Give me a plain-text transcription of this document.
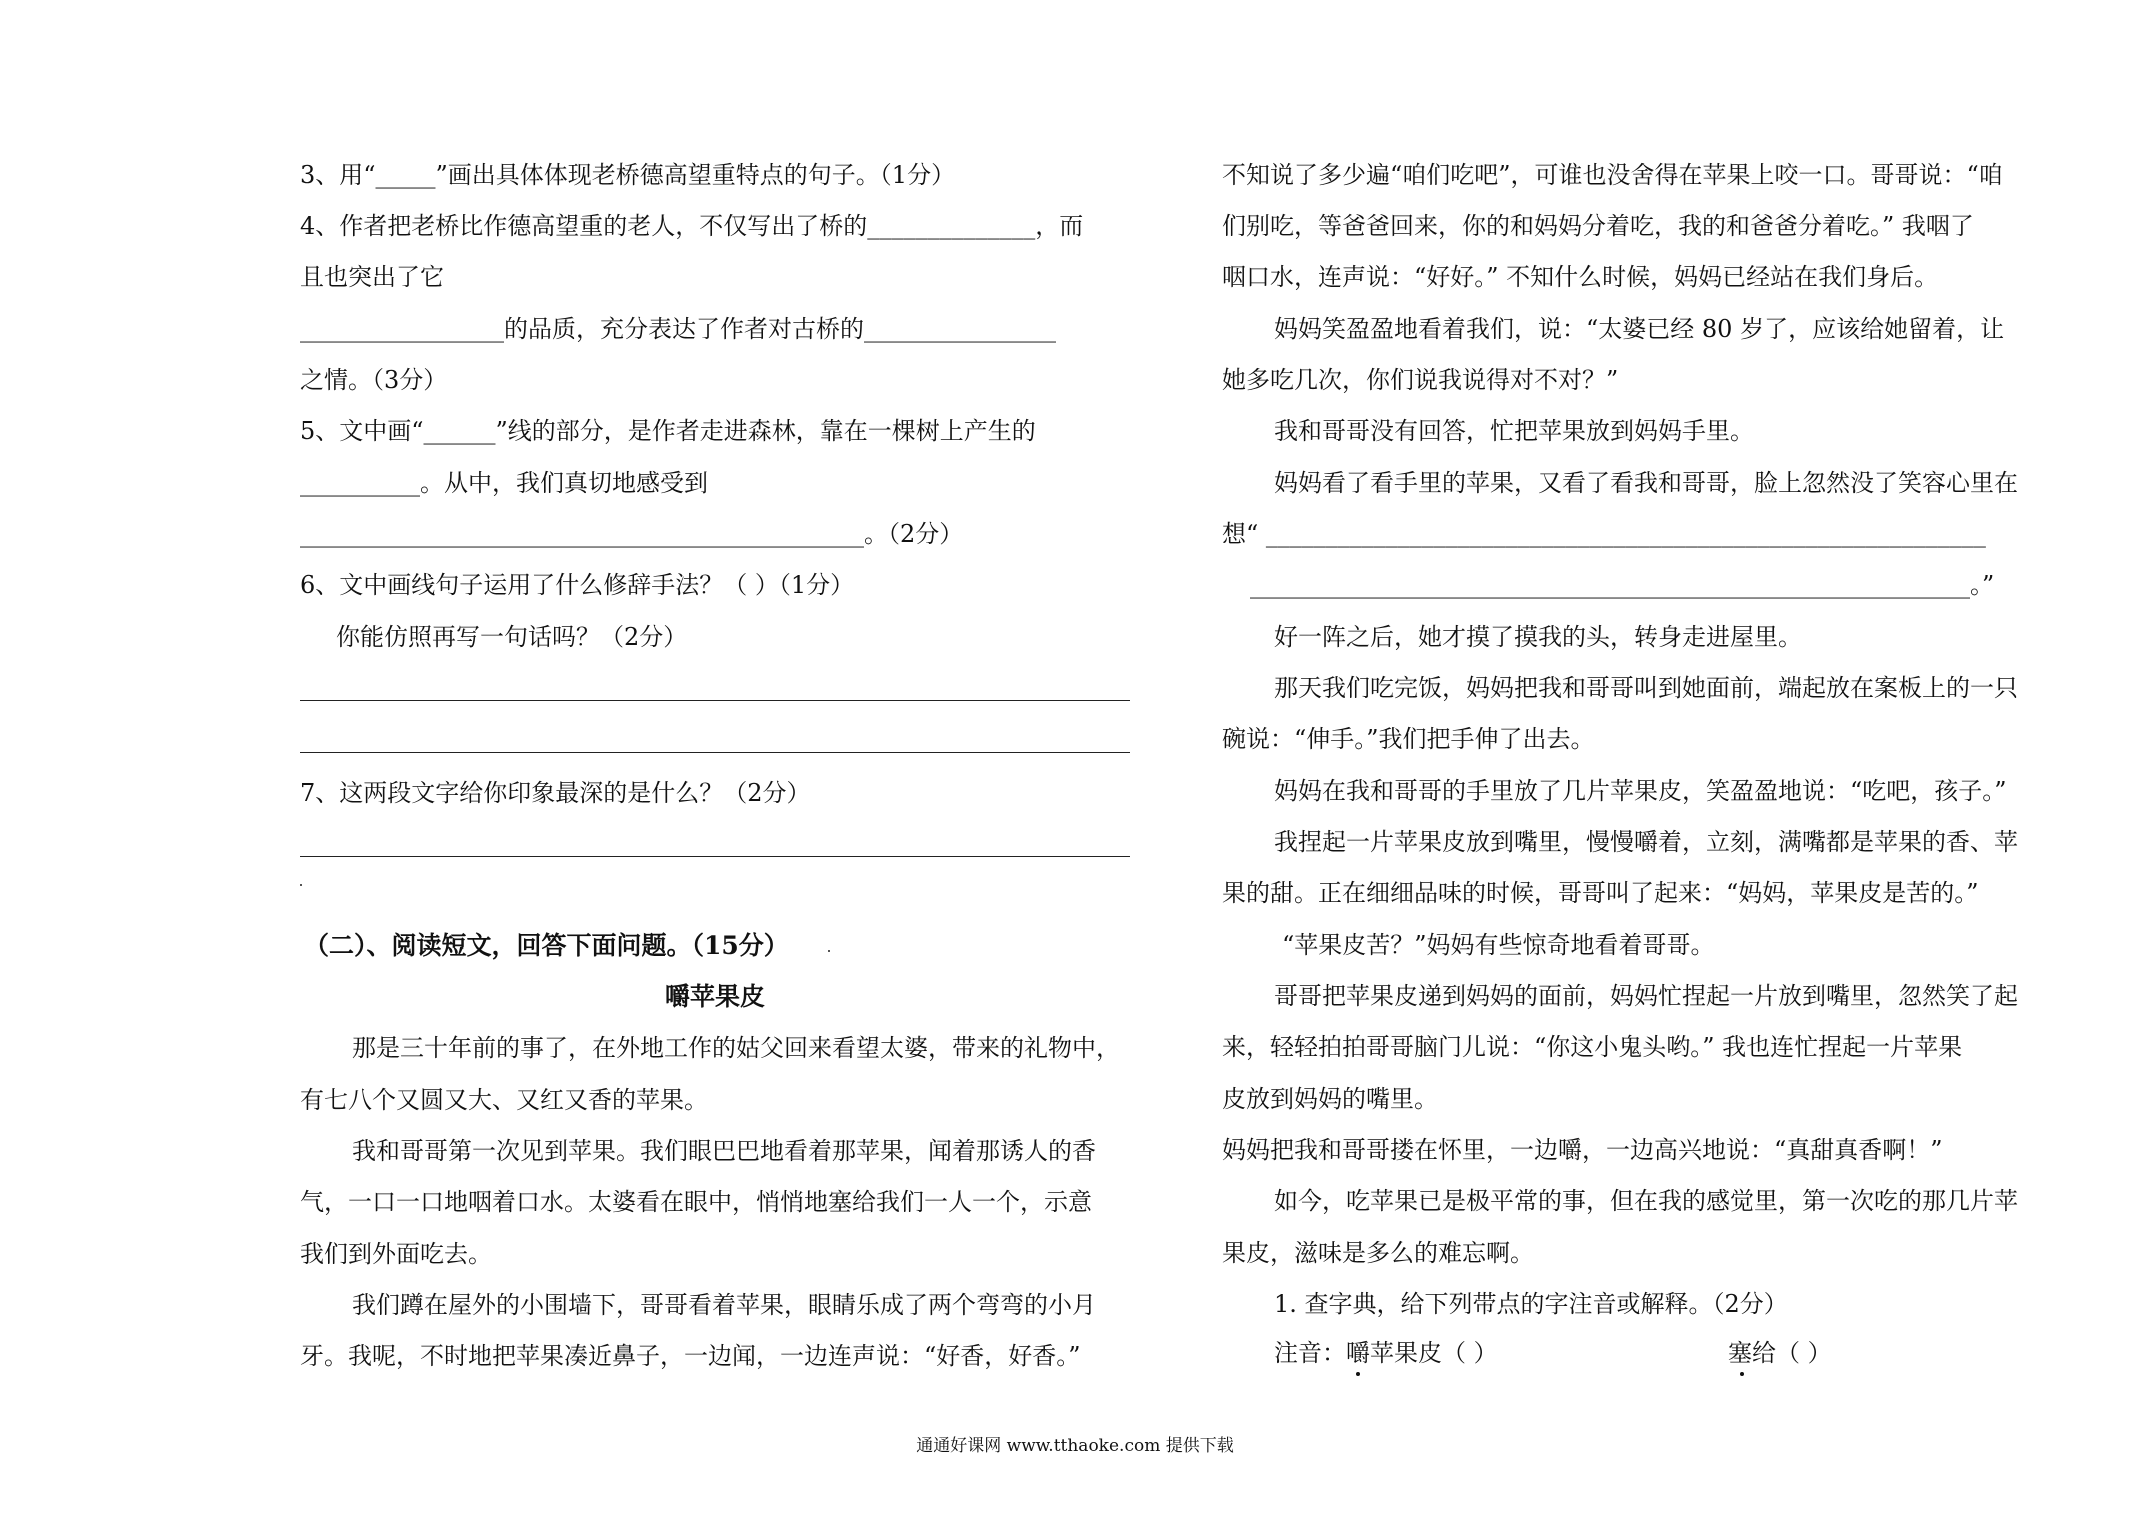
3、用“_____”画出具体体现老桥德高望重特点的句子。（1分）
4、作者把老桥比作德高望重的老人，不仅写出了桥的______________，而
且也突出了它
_________________的品质，充分表达了作者对古桥的________________
之情。（3分）
5、文中画“______”线的部分，是作者走进森林，靠在一棵树上产生的
__________。从中，我们真切地感受到
_______________________________________________。（2分）
6、文中画线句子运用了什么修辞手法？（ ）（1分）
你能仿照再写一句话吗？（2分）
7、这两段文字给你印象最深的是什么？（2分）
（二）、阅读短文，回答下面问题。（15分）
嚼苹果皮
那是三十年前的事了，在外地工作的姑父回来看望太婆，带来的礼物中，
有七八个又圆又大、又红又香的苹果。
我和哥哥第一次见到苹果。我们眼巴巴地看着那苹果，闻着那诱人的香
气，一口一口地咽着口水。太婆看在眼中，悄悄地塞给我们一人一个，示意
我们到外面吃去。
我们蹲在屋外的小围墙下，哥哥看着苹果，眼睛乐成了两个弯弯的小月
牙。我呢，不时地把苹果凑近鼻子，一边闻，一边连声说：“好香，好香。”
不知说了多少遍“咱们吃吧”，可谁也没舍得在苹果上咬一口。哥哥说：“咱
们别吃，等爸爸回来，你的和妈妈分着吃，我的和爸爸分着吃。” 我咽了
咽口水，连声说：“好好。” 不知什么时候，妈妈已经站在我们身后。
妈妈笑盈盈地看着我们，说：“太婆已经 80 岁了，应该给她留着，让
她多吃几次，你们说我说得对不对？”
我和哥哥没有回答，忙把苹果放到妈妈手里。
妈妈看了看手里的苹果，又看了看我和哥哥，脸上忽然没了笑容心里在
想“ ____________________________________________________________
____________________________________________________________。”
好一阵之后，她才摸了摸我的头，转身走进屋里。
那天我们吃完饭，妈妈把我和哥哥叫到她面前，端起放在案板上的一只
碗说：“伸手。”我们把手伸了出去。
妈妈在我和哥哥的手里放了几片苹果皮，笑盈盈地说：“吃吧，孩子。”
我捏起一片苹果皮放到嘴里，慢慢嚼着，立刻，满嘴都是苹果的香、苹
果的甜。正在细细品味的时候，哥哥叫了起来：“妈妈，苹果皮是苦的。”
“苹果皮苦？”妈妈有些惊奇地看着哥哥。
哥哥把苹果皮递到妈妈的面前，妈妈忙捏起一片放到嘴里，忽然笑了起
来，轻轻拍拍哥哥脑门儿说：“你这小鬼头哟。” 我也连忙捏起一片苹果
皮放到妈妈的嘴里。
妈妈把我和哥哥搂在怀里，一边嚼，一边高兴地说：“真甜真香啊！”
如今，吃苹果已是极平常的事，但在我的感觉里，第一次吃的那几片苹
果皮，滋味是多么的难忘啊。
1. 查字典，给下列带点的字注音或解释。（2分）
注音：嚼苹果皮（ ）	塞给（ ）
通通好课网 www.tthaoke.com 提供下载
